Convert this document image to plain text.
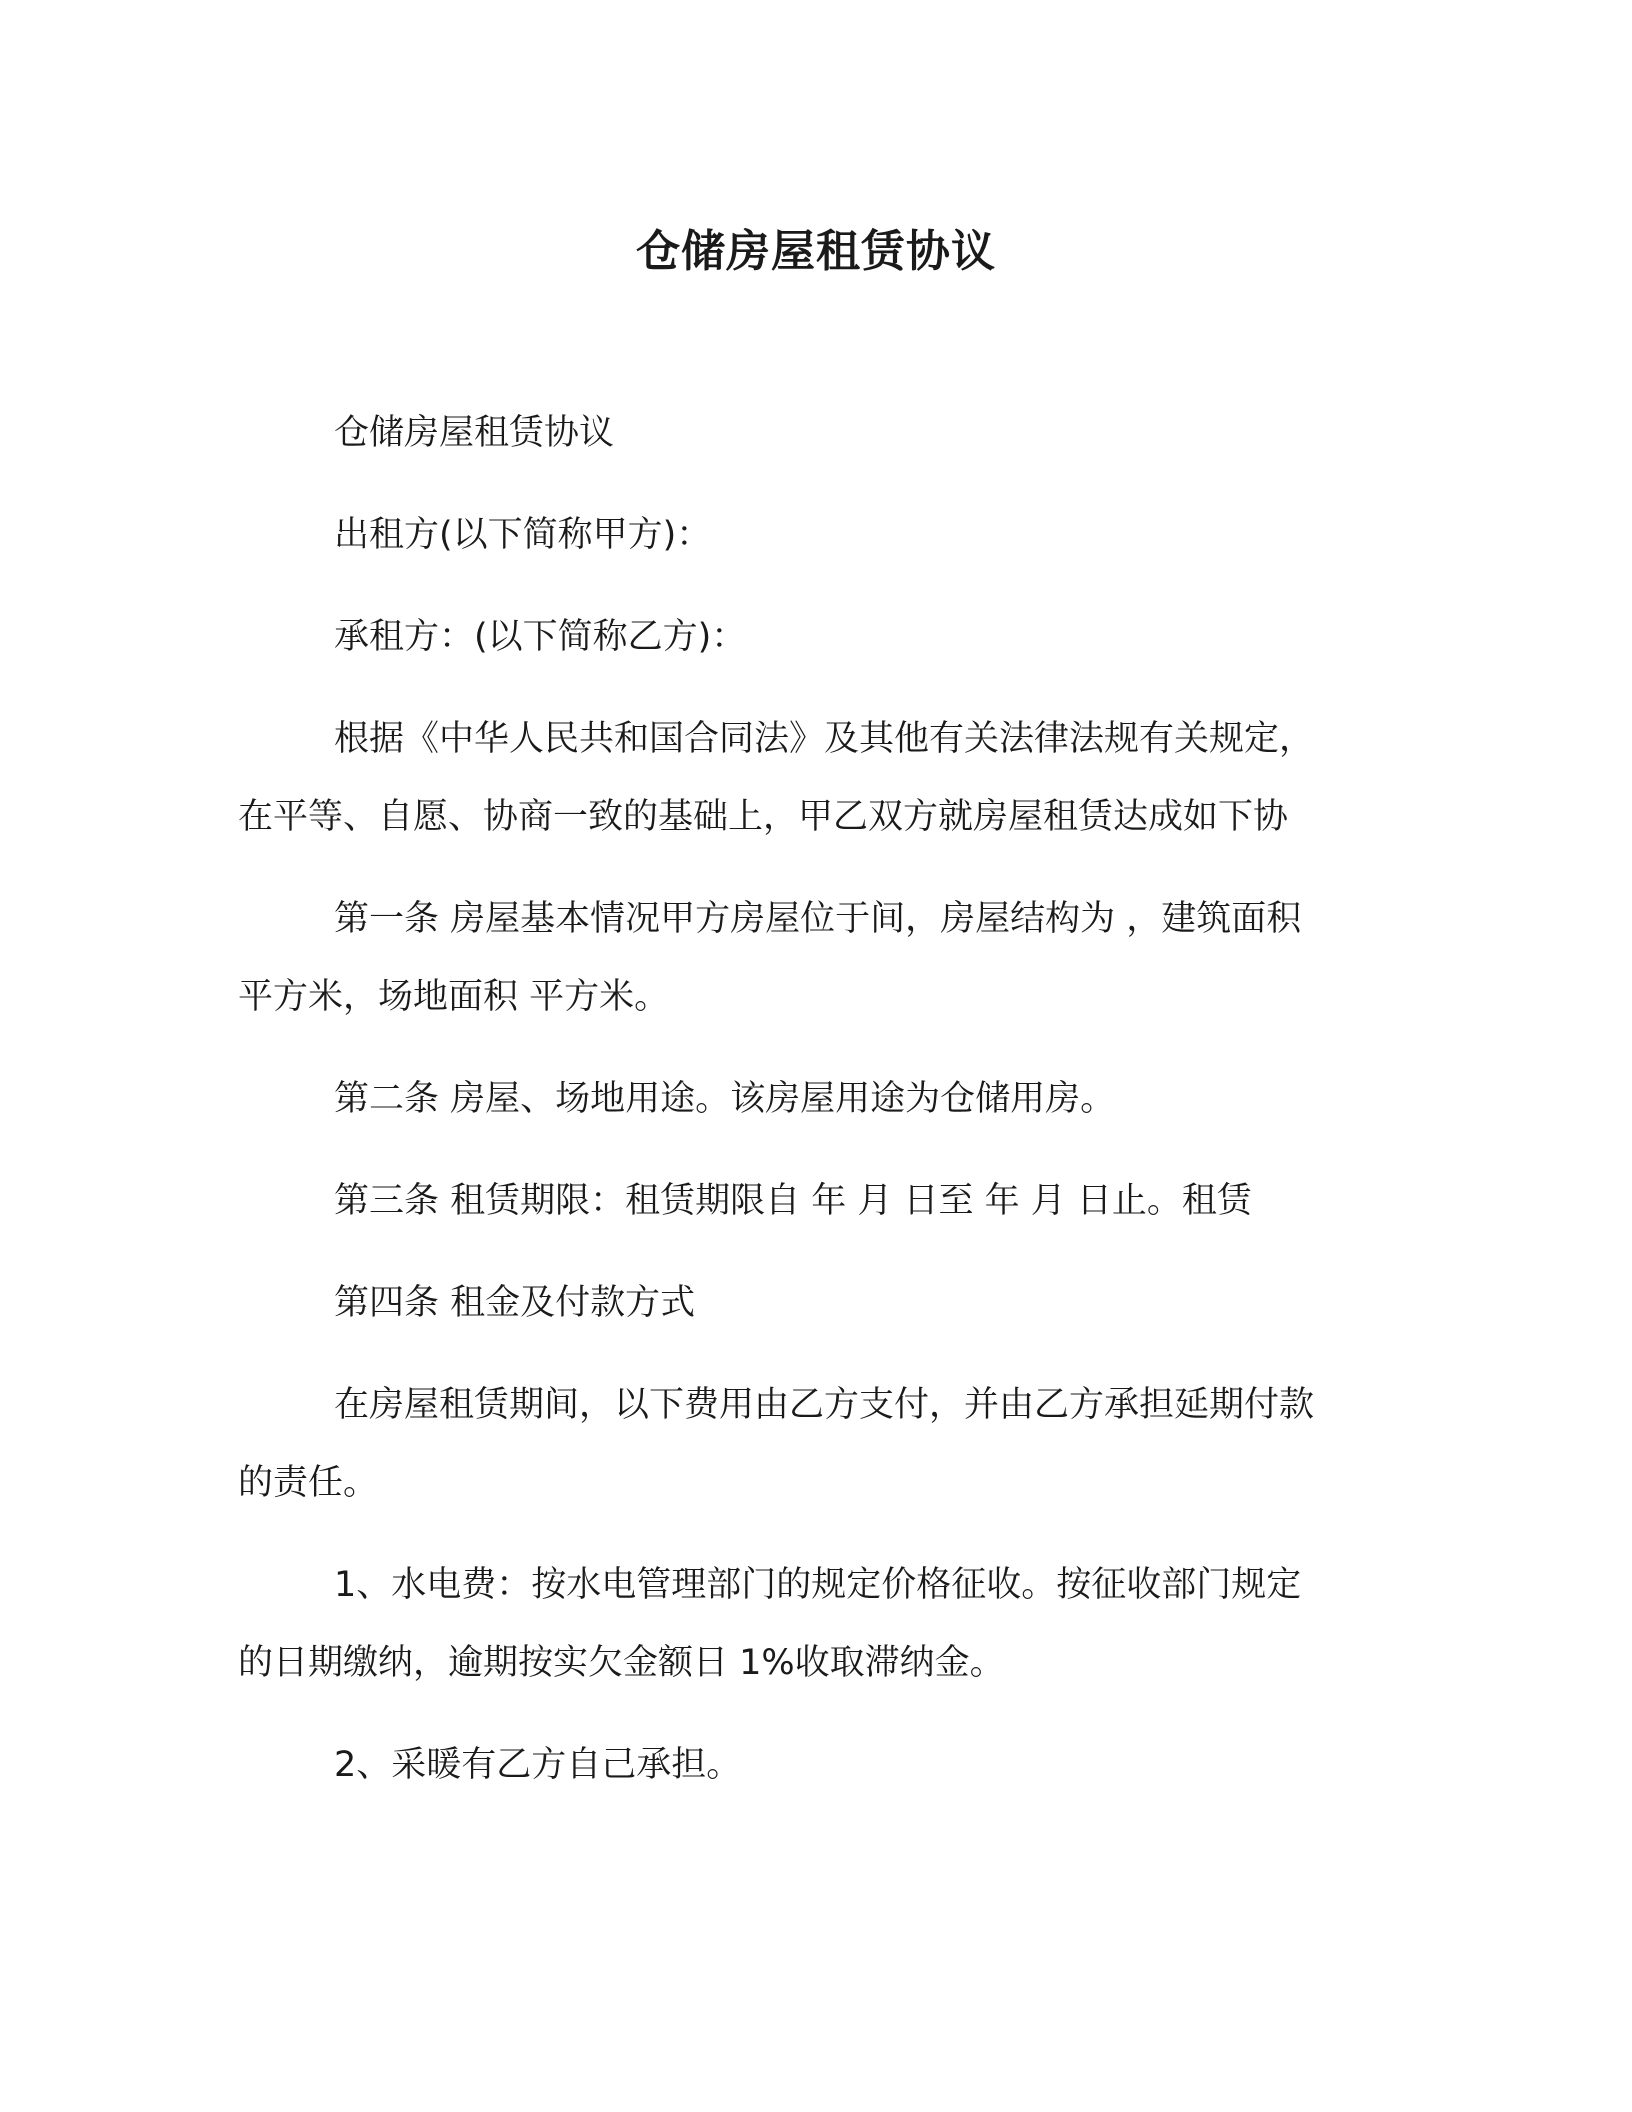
仓储房屋租赁协议
仓储房屋租赁协议
出租方(以下简称甲方)：
承租方：(以下简称乙方)：
根据《中华人民共和国合同法》及其他有关法律法规有关规定，
在平等、自愿、协商一致的基础上，甲乙双方就房屋租赁达成如下协
第一条 房屋基本情况甲方房屋位于间，房屋结构为 ，建筑面积
平方米，场地面积 平方米。
第二条 房屋、场地用途。该房屋用途为仓储用房。
第三条 租赁期限：租赁期限自 年 月 日至 年 月 日止。租赁
第四条 租金及付款方式
在房屋租赁期间，以下费用由乙方支付，并由乙方承担延期付款
的责任。
1、水电费：按水电管理部门的规定价格征收。按征收部门规定
的日期缴纳，逾期按实欠金额日 1%收取滞纳金。
2、采暖有乙方自己承担。
